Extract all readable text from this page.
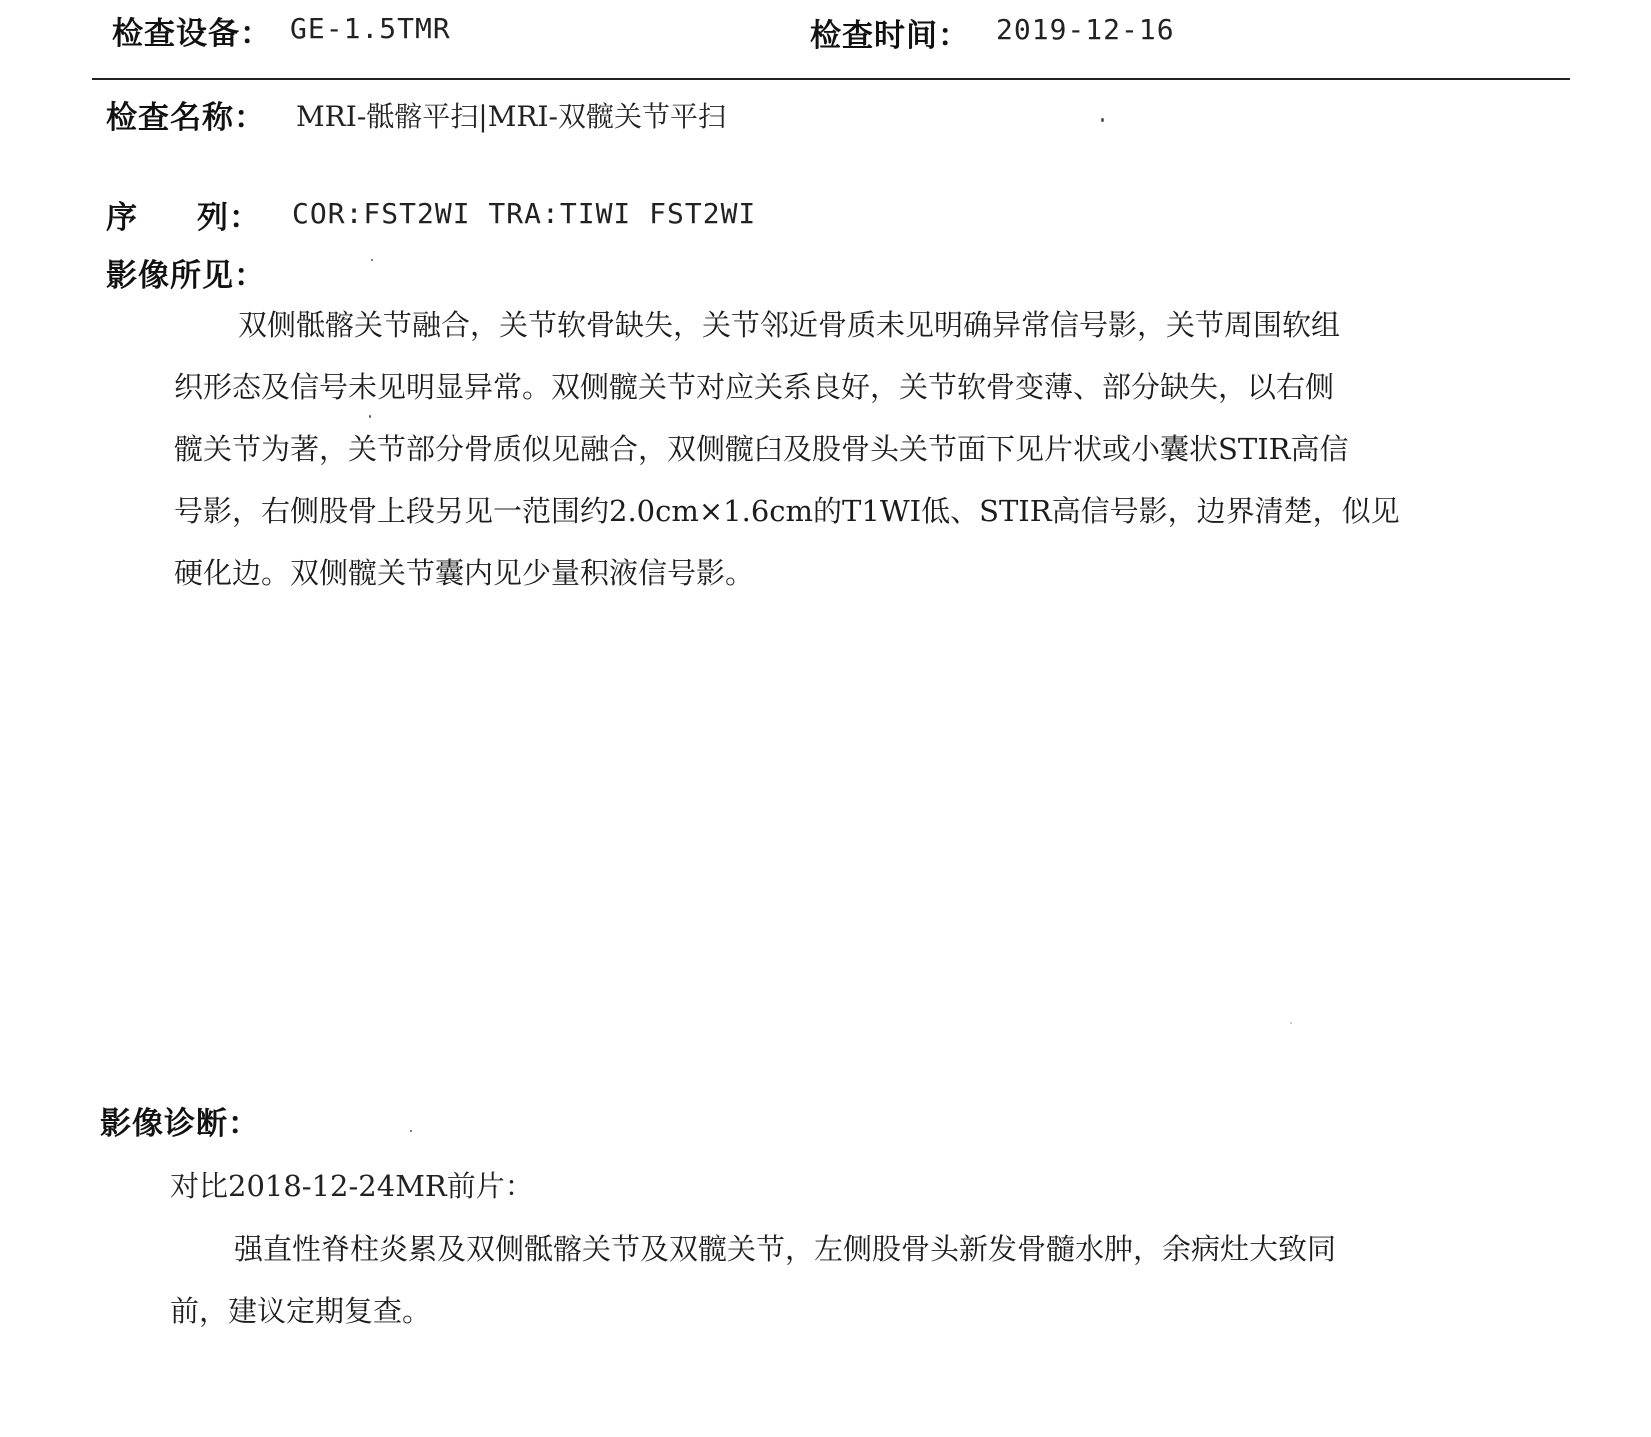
检查设备： GE-1.5TMR	检查时间： 2019-12-16
检查名称： MRI-骶髂平扫|MRI-双髋关节平扫
序     列： COR:FST2WI TRA:TIWI FST2WI
影像所见：
双侧骶髂关节融合，关节软骨缺失，关节邻近骨质未见明确异常信号影，关节周围软组
织形态及信号未见明显异常。双侧髋关节对应关系良好，关节软骨变薄、部分缺失，以右侧
髋关节为著，关节部分骨质似见融合，双侧髋臼及股骨头关节面下见片状或小囊状STIR高信
号影，右侧股骨上段另见一范围约2.0cm×1.6cm的T1WI低、STIR高信号影，边界清楚，似见
硬化边。双侧髋关节囊内见少量积液信号影。
影像诊断：
对比2018-12-24MR前片：
强直性脊柱炎累及双侧骶髂关节及双髋关节，左侧股骨头新发骨髓水肿，余病灶大致同
前，建议定期复查。
